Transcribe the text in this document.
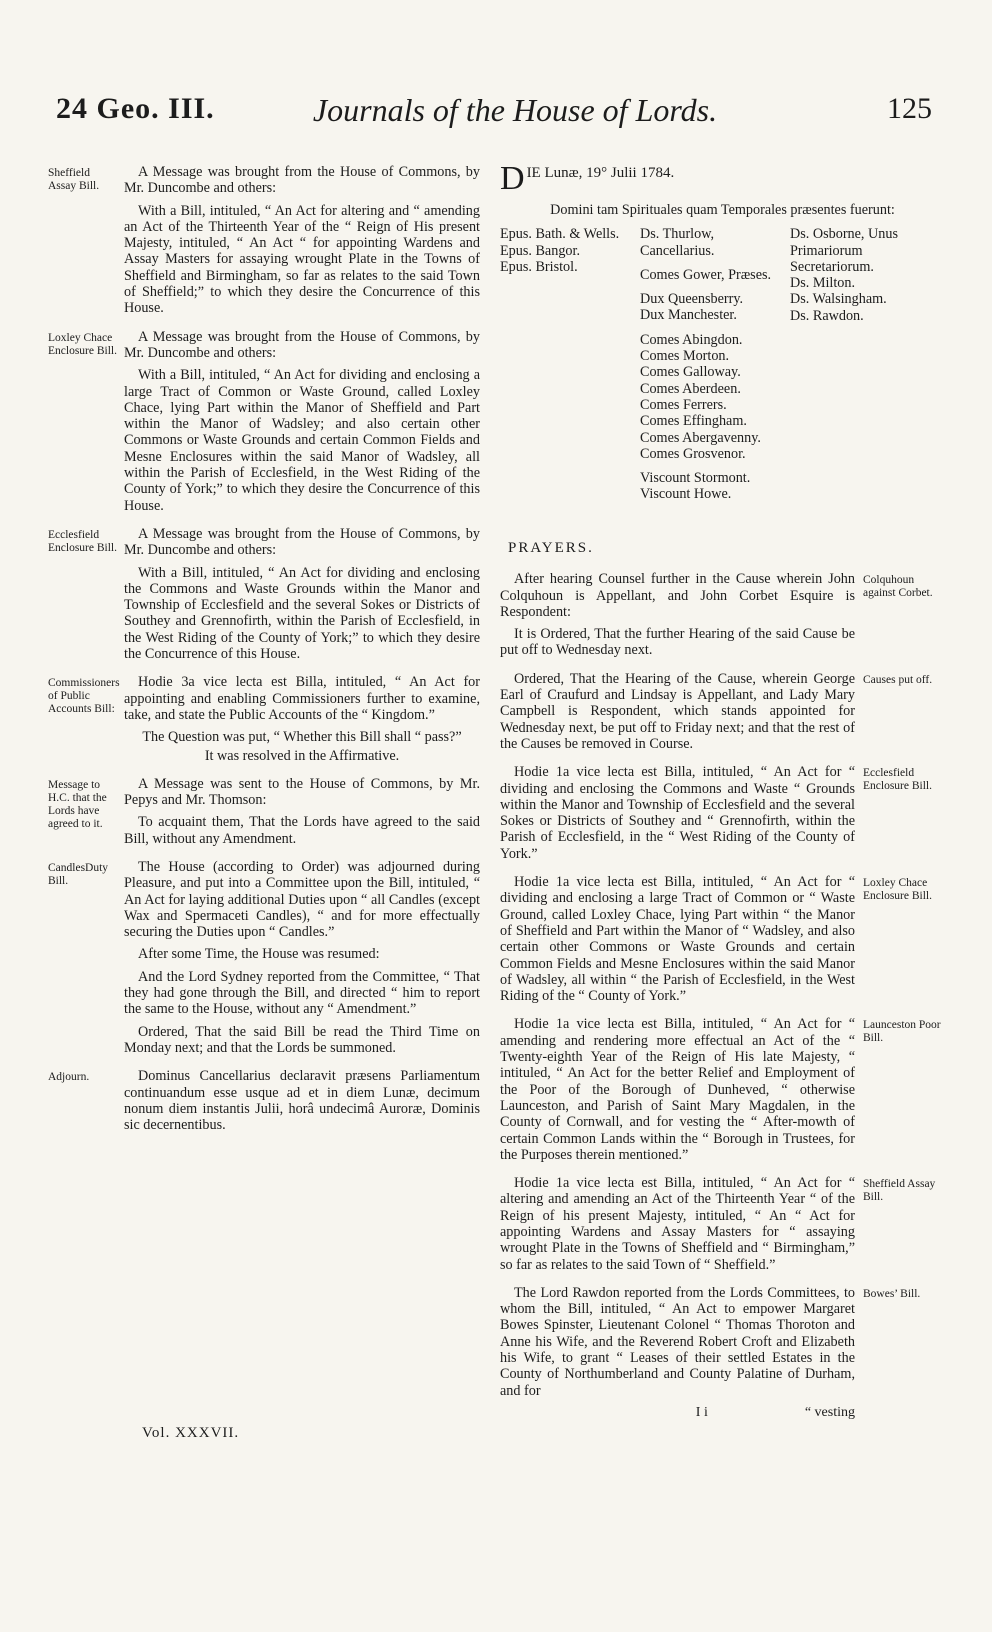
24 Geo. III.	Journals of the House of Lords.	125
Sheffield Assay Bill.

A Message was brought from the House of Commons, by Mr. Duncombe and others:

With a Bill, intituled, “ An Act for altering and “ amending an Act of the Thirteenth Year of the “ Reign of His present Majesty, intituled, “ An Act “ for appointing Wardens and Assay Masters for assaying wrought Plate in the Towns of Sheffield and Birmingham, so far as relates to the said Town of Sheffield;” to which they desire the Concurrence of this House.

Loxley Chace Enclosure Bill.

A Message was brought from the House of Commons, by Mr. Duncombe and others:

With a Bill, intituled, “ An Act for dividing and enclosing a large Tract of Common or Waste Ground, called Loxley Chace, lying Part within the Manor of Sheffield and Part within the Manor of Wadsley; and also certain other Commons or Waste Grounds and certain Common Fields and Mesne Enclosures within the said Manor of Wadsley, all within the Parish of Ecclesfield, in the West Riding of the County of York;” to which they desire the Concurrence of this House.

Ecclesfield Enclosure Bill.

A Message was brought from the House of Commons, by Mr. Duncombe and others:

With a Bill, intituled, “ An Act for dividing and enclosing the Commons and Waste Grounds within the Manor and Township of Ecclesfield and the several Sokes or Districts of Southey and Grennofirth, within the Parish of Ecclesfield, in the West Riding of the County of York;” to which they desire the Concurrence of this House.

Commissioners of Public Accounts Bill:

Hodie 3a vice lecta est Billa, intituled, “ An Act for appointing and enabling Commissioners further to examine, take, and state the Public Accounts of the “ Kingdom.”

The Question was put, “ Whether this Bill shall “ pass?”

It was resolved in the Affirmative.

Message to H.C. that the Lords have agreed to it.

A Message was sent to the House of Commons, by Mr. Pepys and Mr. Thomson:

To acquaint them, That the Lords have agreed to the said Bill, without any Amendment.

CandlesDuty Bill.

The House (according to Order) was adjourned during Pleasure, and put into a Committee upon the Bill, intituled, “ An Act for laying additional Duties upon “ all Candles (except Wax and Spermaceti Candles), “ and for more effectually securing the Duties upon “ Candles.”

After some Time, the House was resumed:

And the Lord Sydney reported from the Committee, “ That they had gone through the Bill, and directed “ him to report the same to the House, without any “ Amendment.”

Ordered, That the said Bill be read the Third Time on Monday next; and that the Lords be summoned.

Adjourn.	Dominus Cancellarius declaravit præsens Parliamentum continuandum esse usque ad et in diem Lunæ, decimum nonum diem instantis Julii, horâ undecimâ Auroræ, Dominis sic decernentibus.

Vol. XXXVII.
D IE Lunæ, 19° Julii 1784.
Domini tam Spirituales quam Temporales præsentes fuerunt:
Epus. Bath. & Wells.
Epus. Bangor.
Epus. Bristol.
Ds. Thurlow, Cancellarius.
Comes Gower, Præses.
Dux Queensberry.
Dux Manchester.
Comes Abingdon.
Comes Morton.
Comes Galloway.
Comes Aberdeen.
Comes Ferrers.
Comes Effingham.
Comes Abergavenny.
Comes Grosvenor.
Viscount Stormont.
Viscount Howe.
Ds. Osborne, Unus Primariorum Secretariorum.
Ds. Milton.
Ds. Walsingham.
Ds. Rawdon.
PRAYERS.
Colquhoun against Corbet.

After hearing Counsel further in the Cause wherein John Colquhoun is Appellant, and John Corbet Esquire is Respondent:

It is Ordered, That the further Hearing of the said Cause be put off to Wednesday next.

Causes put off.

Ordered, That the Hearing of the Cause, wherein George Earl of Craufurd and Lindsay is Appellant, and Lady Mary Campbell is Respondent, which stands appointed for Wednesday next, be put off to Friday next; and that the rest of the Causes be removed in Course.

Ecclesfield Enclosure Bill.

Hodie 1a vice lecta est Billa, intituled, “ An Act for “ dividing and enclosing the Commons and Waste “ Grounds within the Manor and Township of Ecclesfield and the several Sokes or Districts of Southey and “ Grennofirth, within the Parish of Ecclesfield, in the “ West Riding of the County of York.”

Loxley Chace Enclosure Bill.

Hodie 1a vice lecta est Billa, intituled, “ An Act for “ dividing and enclosing a large Tract of Common or “ Waste Ground, called Loxley Chace, lying Part within “ the Manor of Sheffield and Part within the Manor of “ Wadsley, and also certain other Commons or Waste Grounds and certain Common Fields and Mesne Enclosures within the said Manor of Wadsley, all within “ the Parish of Ecclesfield, in the West Riding of the “ County of York.”

Launceston Poor Bill.

Hodie 1a vice lecta est Billa, intituled, “ An Act for “ amending and rendering more effectual an Act of the “ Twenty-eighth Year of the Reign of His late Majesty, “ intituled, “ An Act for the better Relief and Employment of the Poor of the Borough of Dunheved, “ otherwise Launceston, and Parish of Saint Mary Magdalen, in the County of Cornwall, and for vesting the “ After-mowth of certain Common Lands within the “ Borough in Trustees, for the Purposes therein mentioned.”

Sheffield Assay Bill.

Hodie 1a vice lecta est Billa, intituled, “ An Act for “ altering and amending an Act of the Thirteenth Year “ of the Reign of his present Majesty, intituled, “ An “ Act for appointing Wardens and Assay Masters for “ assaying wrought Plate in the Towns of Sheffield and “ Birmingham,” so far as relates to the said Town of “ Sheffield.”

Bowes’ Bill.

The Lord Rawdon reported from the Lords Committees, to whom the Bill, intituled, “ An Act to empower Margaret Bowes Spinster, Lieutenant Colonel “ Thomas Thoroton and Anne his Wife, and the Reverend Robert Croft and Elizabeth his Wife, to grant “ Leases of their settled Estates in the County of Northumberland and County Palatine of Durham, and for

I i	“ vesting
